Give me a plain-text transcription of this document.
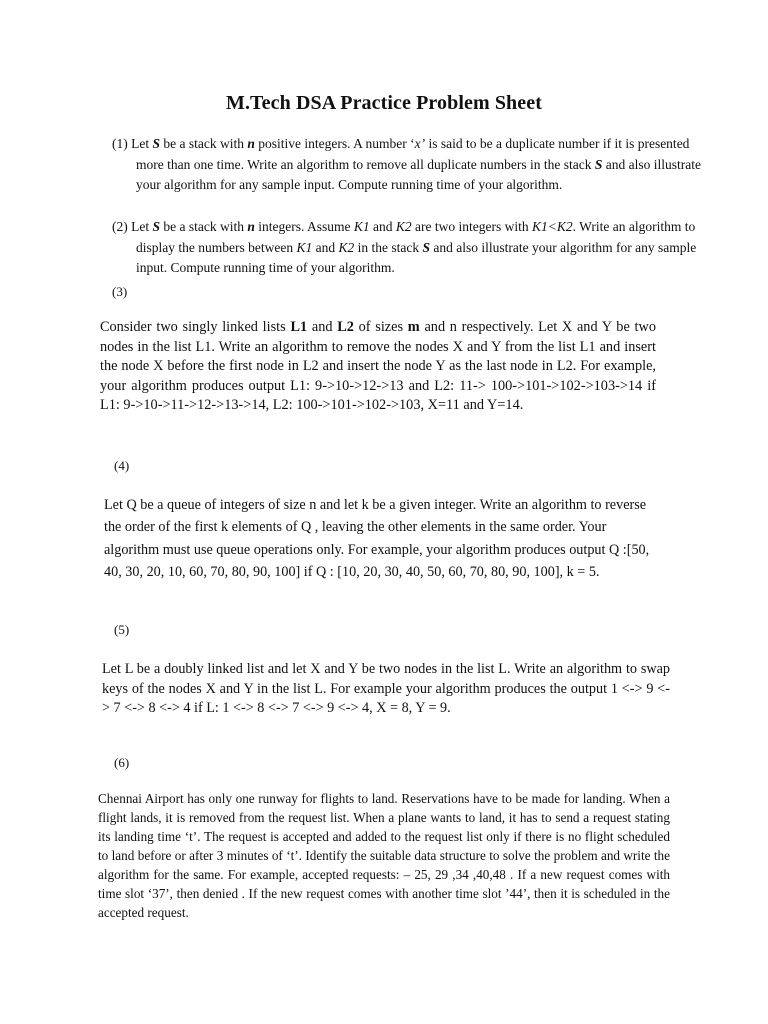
M.Tech DSA Practice Problem Sheet
(1) Let S be a stack with n positive integers. A number ‘x’ is said to be a duplicate number if it is presented more than one time. Write an algorithm to remove all duplicate numbers in the stack S and also illustrate your algorithm for any sample input. Compute running time of your algorithm.
(2) Let S be a stack with n integers. Assume K1 and K2 are two integers with K1<K2. Write an algorithm to display the numbers between K1 and K2 in the stack S and also illustrate your algorithm for any sample input. Compute running time of your algorithm.
(3)
Consider two singly linked lists L1 and L2 of sizes m and n respectively. Let X and Y be two nodes in the list L1. Write an algorithm to remove the nodes X and Y from the list L1 and insert the node X before the first node in L2 and insert the node Y as the last node in L2. For example, your algorithm produces output L1: 9->10->12->13 and L2: 11-> 100->101->102->103->14 if L1: 9->10->11->12->13->14, L2: 100->101->102->103, X=11 and Y=14.
(4)
Let Q be a queue of integers of size n and let k be a given integer. Write an algorithm to reverse the order of the first k elements of Q , leaving the other elements in the same order. Your algorithm must use queue operations only. For example, your algorithm produces output Q :[50, 40, 30, 20, 10, 60, 70, 80, 90, 100] if Q : [10, 20, 30, 40, 50, 60, 70, 80, 90, 100], k = 5.
(5)
Let L be a doubly linked list and let X and Y be two nodes in the list L. Write an algorithm to swap keys of the nodes X and Y in the list L. For example your algorithm produces the output 1 <-> 9 <-> 7 <-> 8 <-> 4 if L: 1 <-> 8 <-> 7 <-> 9 <-> 4, X = 8, Y = 9.
(6)
Chennai Airport has only one runway for flights to land. Reservations have to be made for landing. When a flight lands, it is removed from the request list. When a plane wants to land, it has to send a request stating its landing time ‘t’. The request is accepted and added to the request list only if there is no flight scheduled to land before or after 3 minutes of ‘t’. Identify the suitable data structure to solve the problem and write the algorithm for the same. For example, accepted requests: – 25, 29 ,34 ,40,48 . If a new request comes with time slot ‘37’, then denied . If the new request comes with another time slot ’44’, then it is scheduled in the accepted request.
